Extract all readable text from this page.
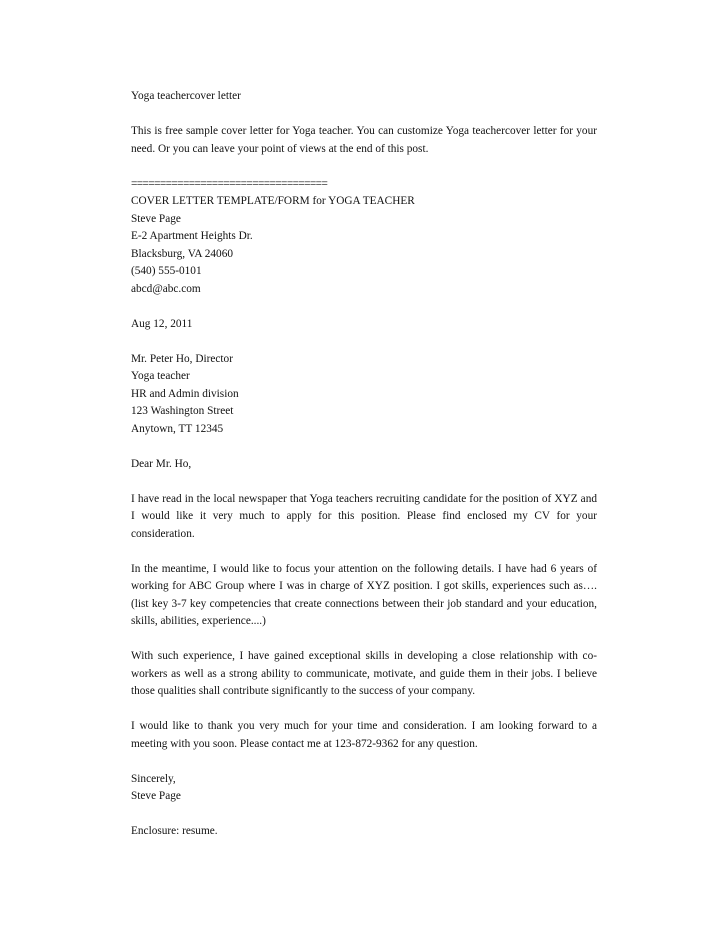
Yoga teachercover letter
This is free sample cover letter for Yoga teacher. You can customize Yoga teachercover letter for your need. Or you can leave your point of views at the end of this post.
==================================
COVER LETTER TEMPLATE/FORM for YOGA TEACHER
Steve Page
E-2 Apartment Heights Dr.
Blacksburg, VA 24060
(540) 555-0101
abcd@abc.com
Aug 12, 2011
Mr. Peter Ho, Director
Yoga teacher
HR and Admin division
123 Washington Street
Anytown, TT 12345
Dear Mr. Ho,
I have read in the local newspaper that Yoga teachers recruiting candidate for the position of XYZ and I would like it very much to apply for this position. Please find enclosed my CV for your consideration.
In the meantime, I would like to focus your attention on the following details. I have had 6 years of working for ABC Group where I was in charge of XYZ position. I got skills, experiences such as…. (list key 3-7 key competencies that create connections between their job standard and your education, skills, abilities, experience....)
With such experience, I have gained exceptional skills in developing a close relationship with co-workers as well as a strong ability to communicate, motivate, and guide them in their jobs. I believe those qualities shall contribute significantly to the success of your company.
I would like to thank you very much for your time and consideration. I am looking forward to a meeting with you soon. Please contact me at 123-872-9362 for any question.
Sincerely,
Steve Page
Enclosure: resume.
